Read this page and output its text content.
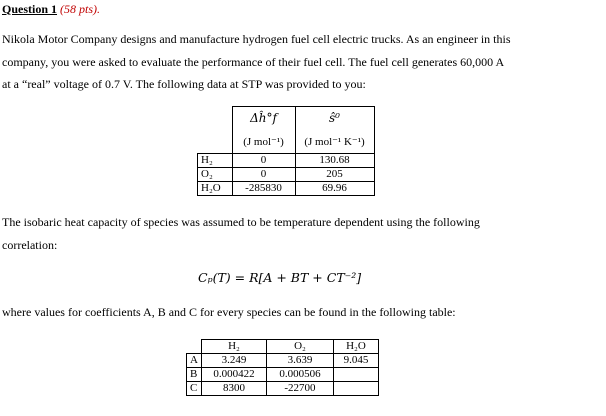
Question 1 (58 pts).
Nikola Motor Company designs and manufacture hydrogen fuel cell electric trucks. As an engineer in this
company, you were asked to evaluate the performance of their fuel cell. The fuel cell generates 60,000 A
at a “real” voltage of 0.7 V. The following data at STP was provided to you:
	Δĥ°f	ŝ⁰
	(J mol⁻¹)	(J mol⁻¹ K⁻¹)
H₂	0	130.68
O₂	0	205
H₂O	-285830	69.96
The isobaric heat capacity of species was assumed to be temperature dependent using the following
correlation:
Cₚ(T) = R[A + BT + CT⁻²]
where values for coefficients A, B and C for every species can be found in the following table:
	H₂	O₂	H₂O
A	3.249	3.639	9.045
B	0.000422	0.000506	
C	8300	-22700	
